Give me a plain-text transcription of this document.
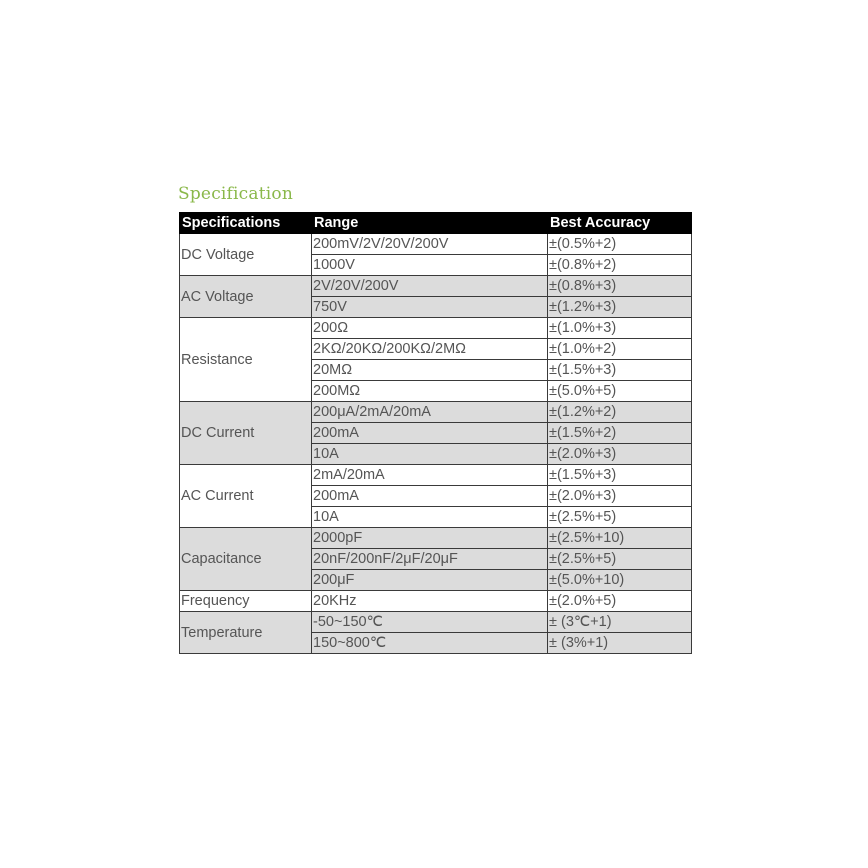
Specification
Specifications	Range	Best Accuracy
DC Voltage	200mV/2V/20V/200V	±(0.5%+2)
	1000V	±(0.8%+2)
AC Voltage	2V/20V/200V	±(0.8%+3)
	750V	±(1.2%+3)
Resistance	200Ω	±(1.0%+3)
	2KΩ/20KΩ/200KΩ/2MΩ	±(1.0%+2)
	20MΩ	±(1.5%+3)
	200MΩ	±(5.0%+5)
DC Current	200μA/2mA/20mA	±(1.2%+2)
	200mA	±(1.5%+2)
	10A	±(2.0%+3)
AC Current	2mA/20mA	±(1.5%+3)
	200mA	±(2.0%+3)
	10A	±(2.5%+5)
Capacitance	2000pF	±(2.5%+10)
	20nF/200nF/2μF/20μF	±(2.5%+5)
	200μF	±(5.0%+10)
Frequency	20KHz	±(2.0%+5)
Temperature	-50~150℃	± (3℃+1)
	150~800℃	± (3%+1)
